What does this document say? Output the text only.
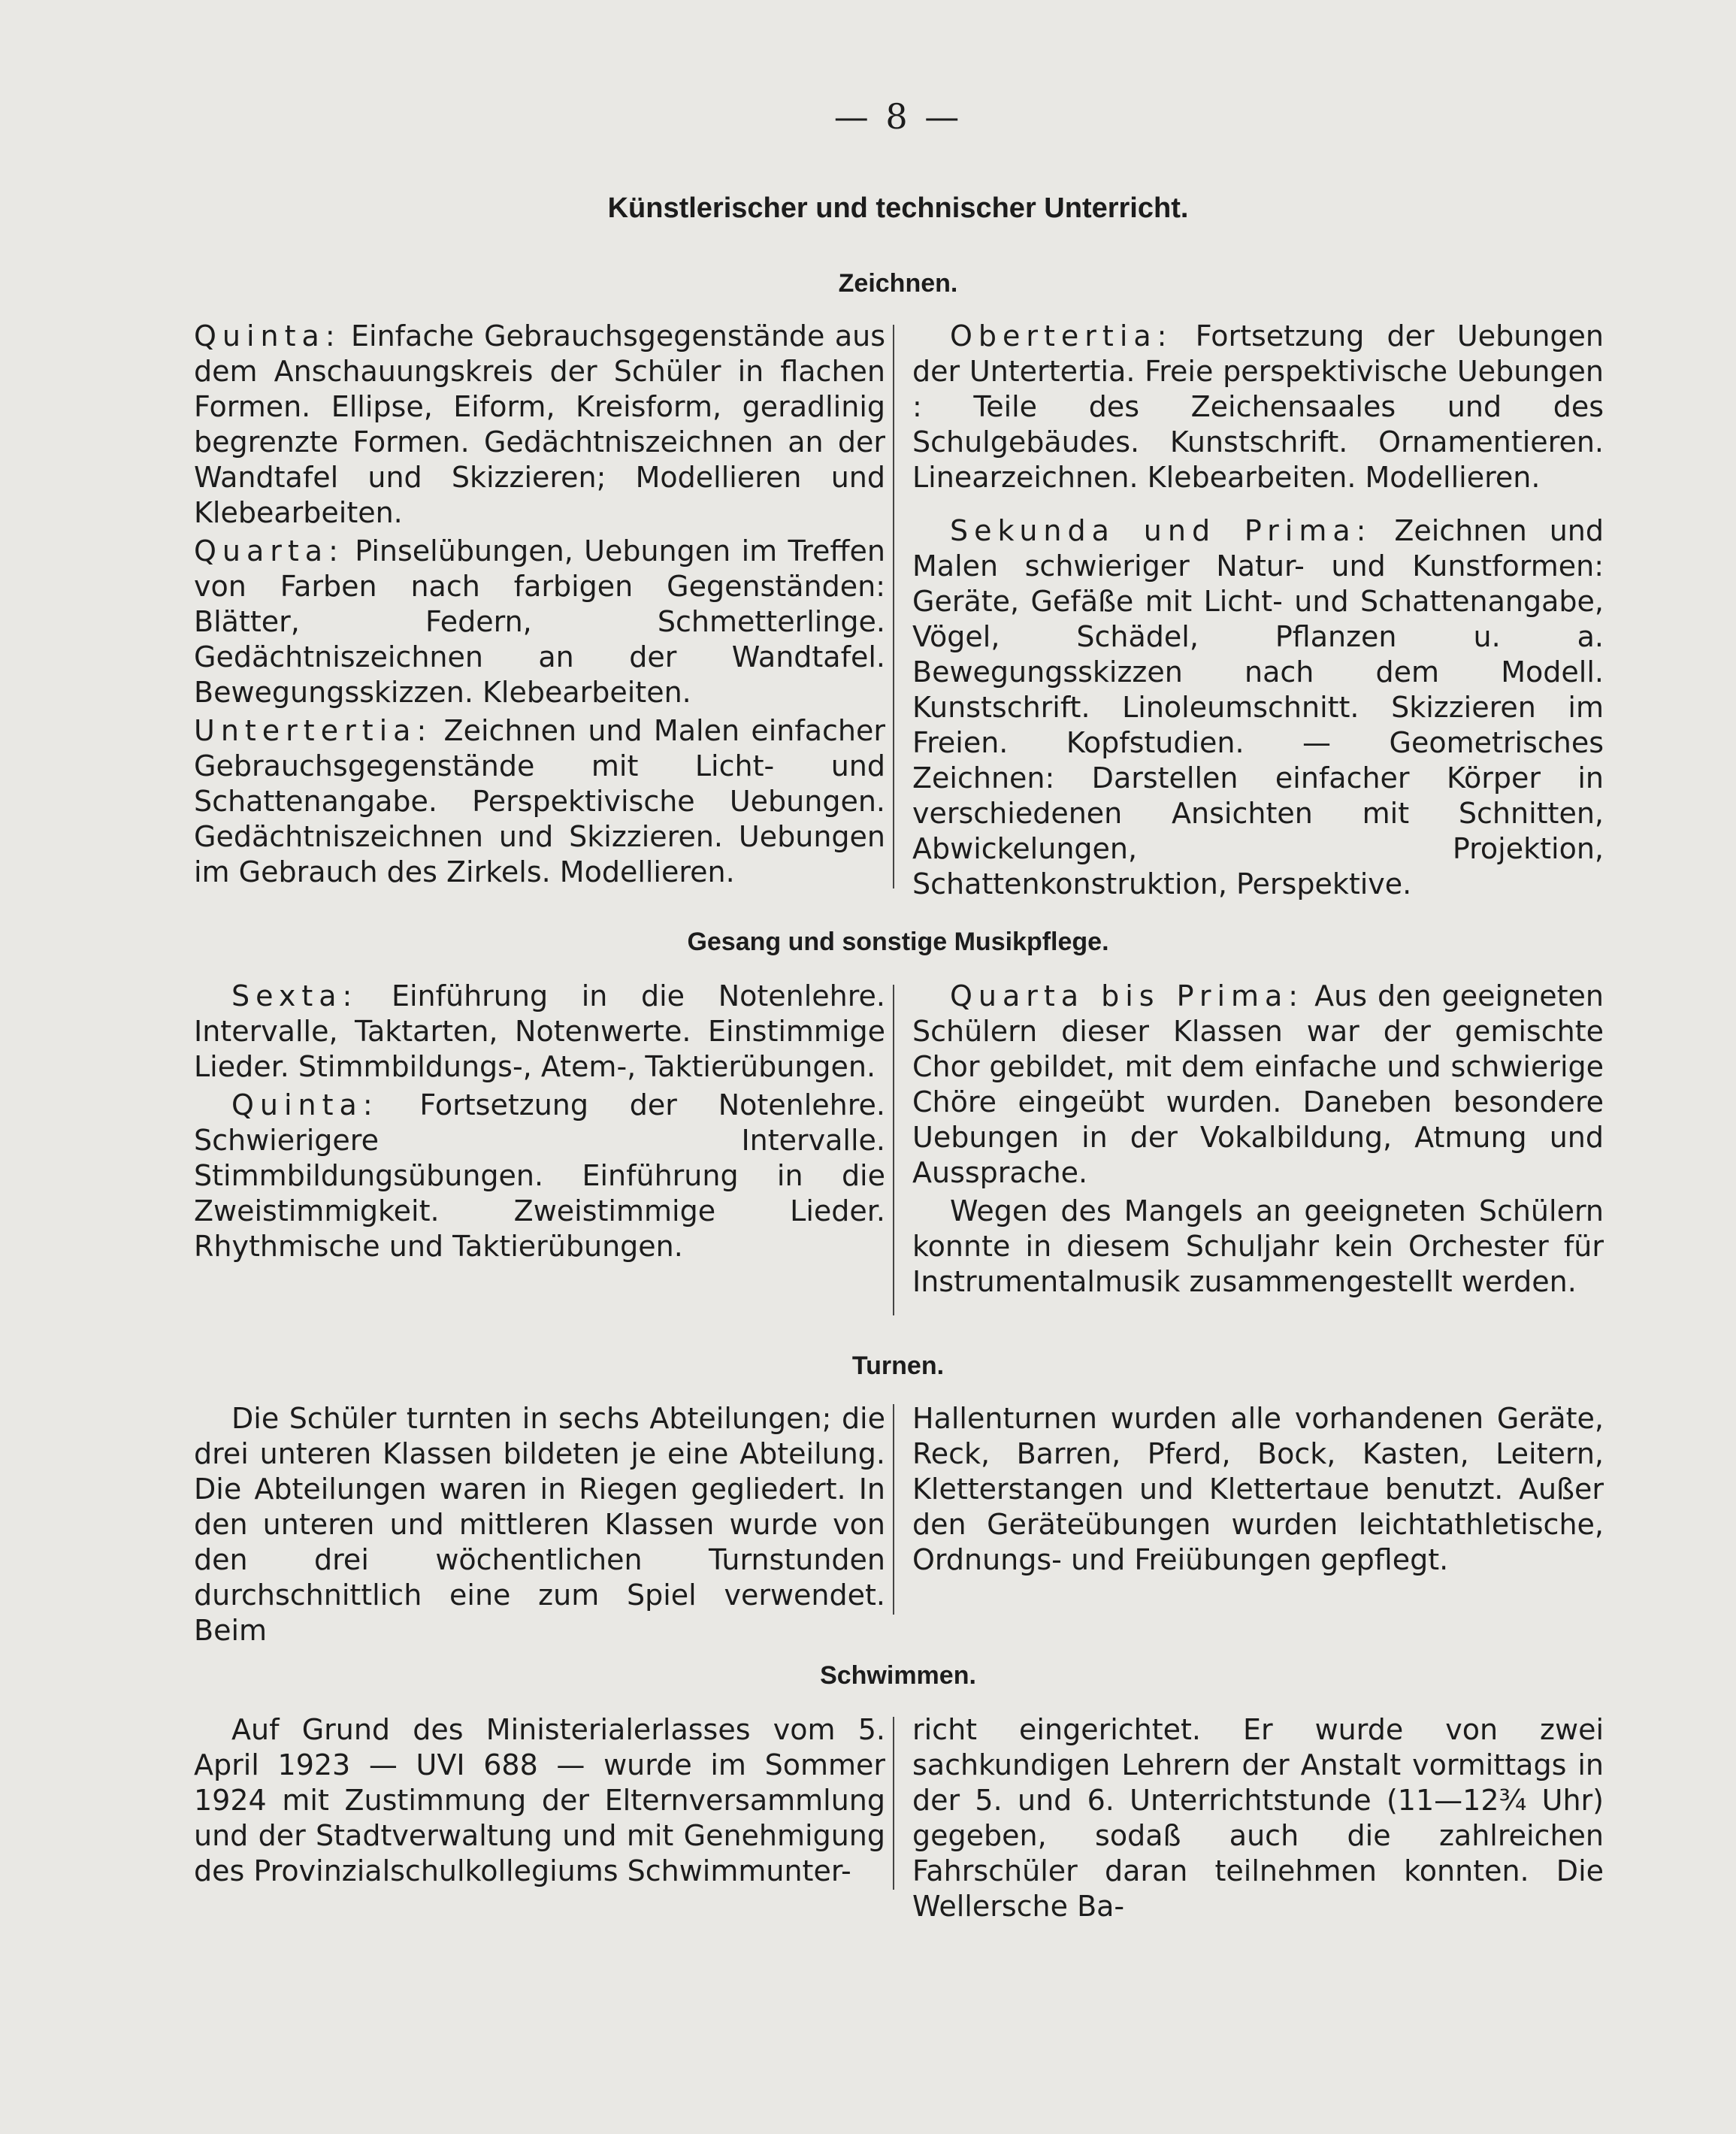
— 8 —
Künstlerischer und technischer Unterricht.
Zeichnen.

Quinta: Einfache Gebrauchsgegenstände aus dem Anschauungskreis der Schüler in flachen Formen. Ellipse, Eiform, Kreisform, geradlinig begrenzte Formen. Gedächtniszeichnen an der Wandtafel und Skizzieren; Modellieren und Klebearbeiten.

Quarta: Pinselübungen, Uebungen im Treffen von Farben nach farbigen Gegenständen: Blätter, Federn, Schmetterlinge. Gedächtniszeichnen an der Wandtafel. Bewegungsskizzen. Klebearbeiten.

Untertertia: Zeichnen und Malen einfacher Gebrauchsgegenstände mit Licht- und Schattenangabe. Perspektivische Uebungen. Gedächtniszeichnen und Skizzieren. Uebungen im Gebrauch des Zirkels. Modellieren.

Obertertia: Fortsetzung der Uebungen der Untertertia. Freie perspektivische Uebungen : Teile des Zeichensaales und des Schulgebäudes. Kunstschrift. Ornamentieren. Linearzeichnen. Klebearbeiten. Modellieren.

Sekunda und Prima: Zeichnen und Malen schwieriger Natur- und Kunstformen: Geräte, Gefäße mit Licht- und Schattenangabe, Vögel, Schädel, Pflanzen u. a. Bewegungsskizzen nach dem Modell. Kunstschrift. Linoleumschnitt. Skizzieren im Freien. Kopfstudien. — Geometrisches Zeichnen: Darstellen einfacher Körper in verschiedenen Ansichten mit Schnitten, Abwickelungen, Projektion, Schattenkonstruktion, Perspektive.

Gesang und sonstige Musikpflege.

Sexta: Einführung in die Notenlehre. Intervalle, Taktarten, Notenwerte. Einstimmige Lieder. Stimmbildungs-, Atem-, Taktierübungen.

Quinta: Fortsetzung der Notenlehre. Schwierigere Intervalle. Stimmbildungsübungen. Einführung in die Zweistimmigkeit. Zweistimmige Lieder. Rhythmische und Taktierübungen.

Quarta bis Prima: Aus den geeigneten Schülern dieser Klassen war der gemischte Chor gebildet, mit dem einfache und schwierige Chöre eingeübt wurden. Daneben besondere Uebungen in der Vokalbildung, Atmung und Aussprache.

Wegen des Mangels an geeigneten Schülern konnte in diesem Schuljahr kein Orchester für Instrumentalmusik zusammengestellt werden.

Turnen.

Die Schüler turnten in sechs Abteilungen; die drei unteren Klassen bildeten je eine Abteilung. Die Abteilungen waren in Riegen gegliedert. In den unteren und mittleren Klassen wurde von den drei wöchentlichen Turnstunden durchschnittlich eine zum Spiel verwendet. Beim

Hallenturnen wurden alle vorhandenen Geräte, Reck, Barren, Pferd, Bock, Kasten, Leitern, Kletterstangen und Klettertaue benutzt. Außer den Geräteübungen wurden leichtathletische, Ordnungs- und Freiübungen gepflegt.

Schwimmen.

Auf Grund des Ministerialerlasses vom 5. April 1923 — UVI 688 — wurde im Sommer 1924 mit Zustimmung der Elternversammlung und der Stadtverwaltung und mit Genehmigung des Provinzialschulkollegiums Schwimmunter-

richt eingerichtet. Er wurde von zwei sachkundigen Lehrern der Anstalt vormittags in der 5. und 6. Unterrichtstunde (11—12¾ Uhr) gegeben, sodaß auch die zahlreichen Fahrschüler daran teilnehmen konnten. Die Wellersche Ba-
